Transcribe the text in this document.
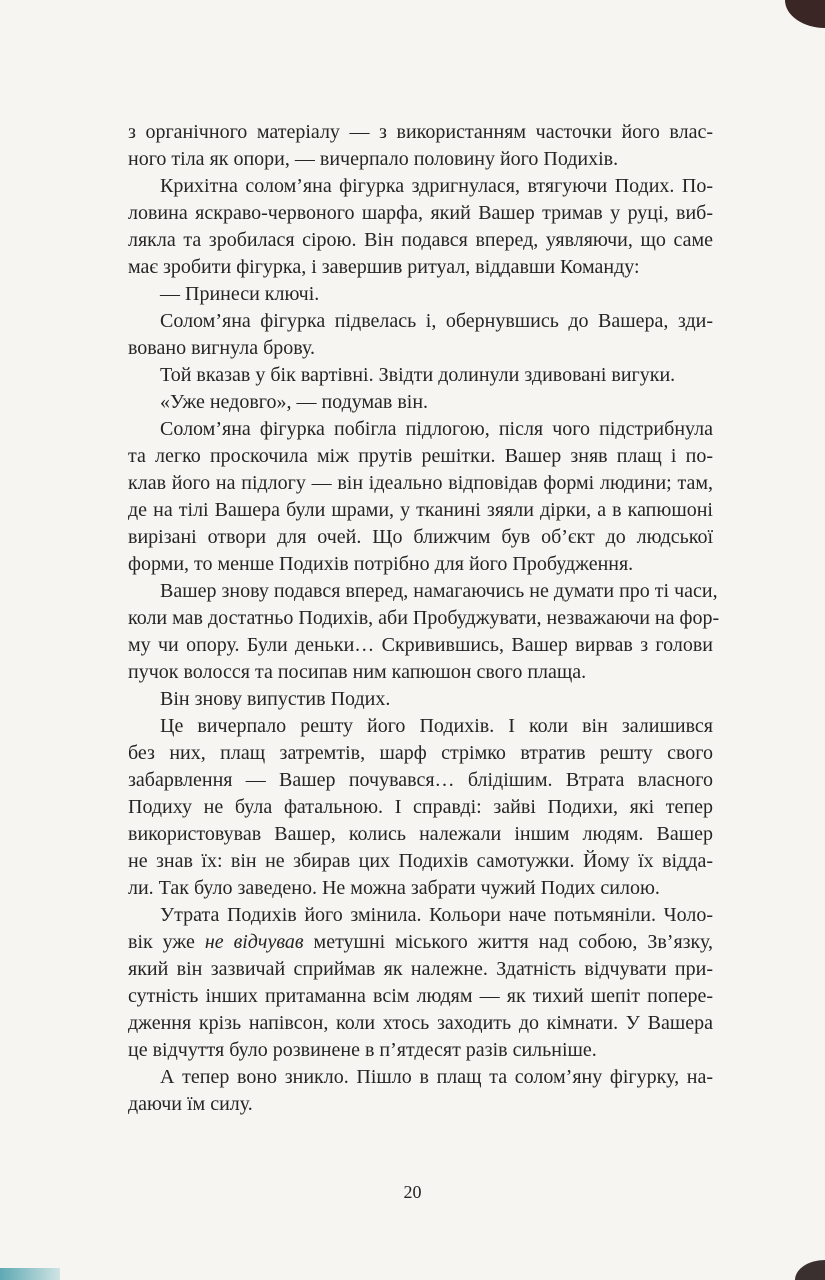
з органічного матеріалу — з використанням часточки його влас-
ного тіла як опори, — вичерпало половину його Подихів.
Крихітна солом’яна фігурка здригнулася, втягуючи Подих. По-
ловина яскраво-червоного шарфа, який Вашер тримав у руці, виб-
лякла та зробилася сірою. Він подався вперед, уявляючи, що саме
має зробити фігурка, і завершив ритуал, віддавши Команду:
— Принеси ключі.
Солом’яна фігурка підвелась і, обернувшись до Вашера, зди-
вовано вигнула брову.
Той вказав у бік вартівні. Звідти долинули здивовані вигуки.
«Уже недовго», — подумав він.
Солом’яна фігурка побігла підлогою, після чого підстрибнула
та легко проскочила між прутів решітки. Вашер зняв плащ і по-
клав його на підлогу — він ідеально відповідав формі людини; там,
де на тілі Вашера були шрами, у тканині зяяли дірки, а в капюшоні
вирізані отвори для очей. Що ближчим був об’єкт до людської
форми, то менше Подихів потрібно для його Пробудження.
Вашер знову подався вперед, намагаючись не думати про ті часи,
коли мав достатньо Подихів, аби Пробуджувати, незважаючи на фор-
му чи опору. Були деньки… Скривившись, Вашер вирвав з голови
пучок волосся та посипав ним капюшон свого плаща.
Він знову випустив Подих.
Це вичерпало решту його Подихів. І коли він залишився
без них, плащ затремтів, шарф стрімко втратив решту свого
забарвлення — Вашер почувався… блідішим. Втрата власного
Подиху не була фатальною. І справді: зайві Подихи, які тепер
використовував Вашер, колись належали іншим людям. Вашер
не знав їх: він не збирав цих Подихів самотужки. Йому їх відда-
ли. Так було заведено. Не можна забрати чужий Подих силою.
Утрата Подихів його змінила. Кольори наче потьмяніли. Чоло-
вік уже не відчував метушні міського життя над собою, Зв’язку,
який він зазвичай сприймав як належне. Здатність відчувати при-
сутність інших притаманна всім людям — як тихий шепіт попере-
дження крізь напівсон, коли хтось заходить до кімнати. У Вашера
це відчуття було розвинене в п’ятдесят разів сильніше.
А тепер воно зникло. Пішло в плащ та солом’яну фігурку, на-
даючи їм силу.
20
